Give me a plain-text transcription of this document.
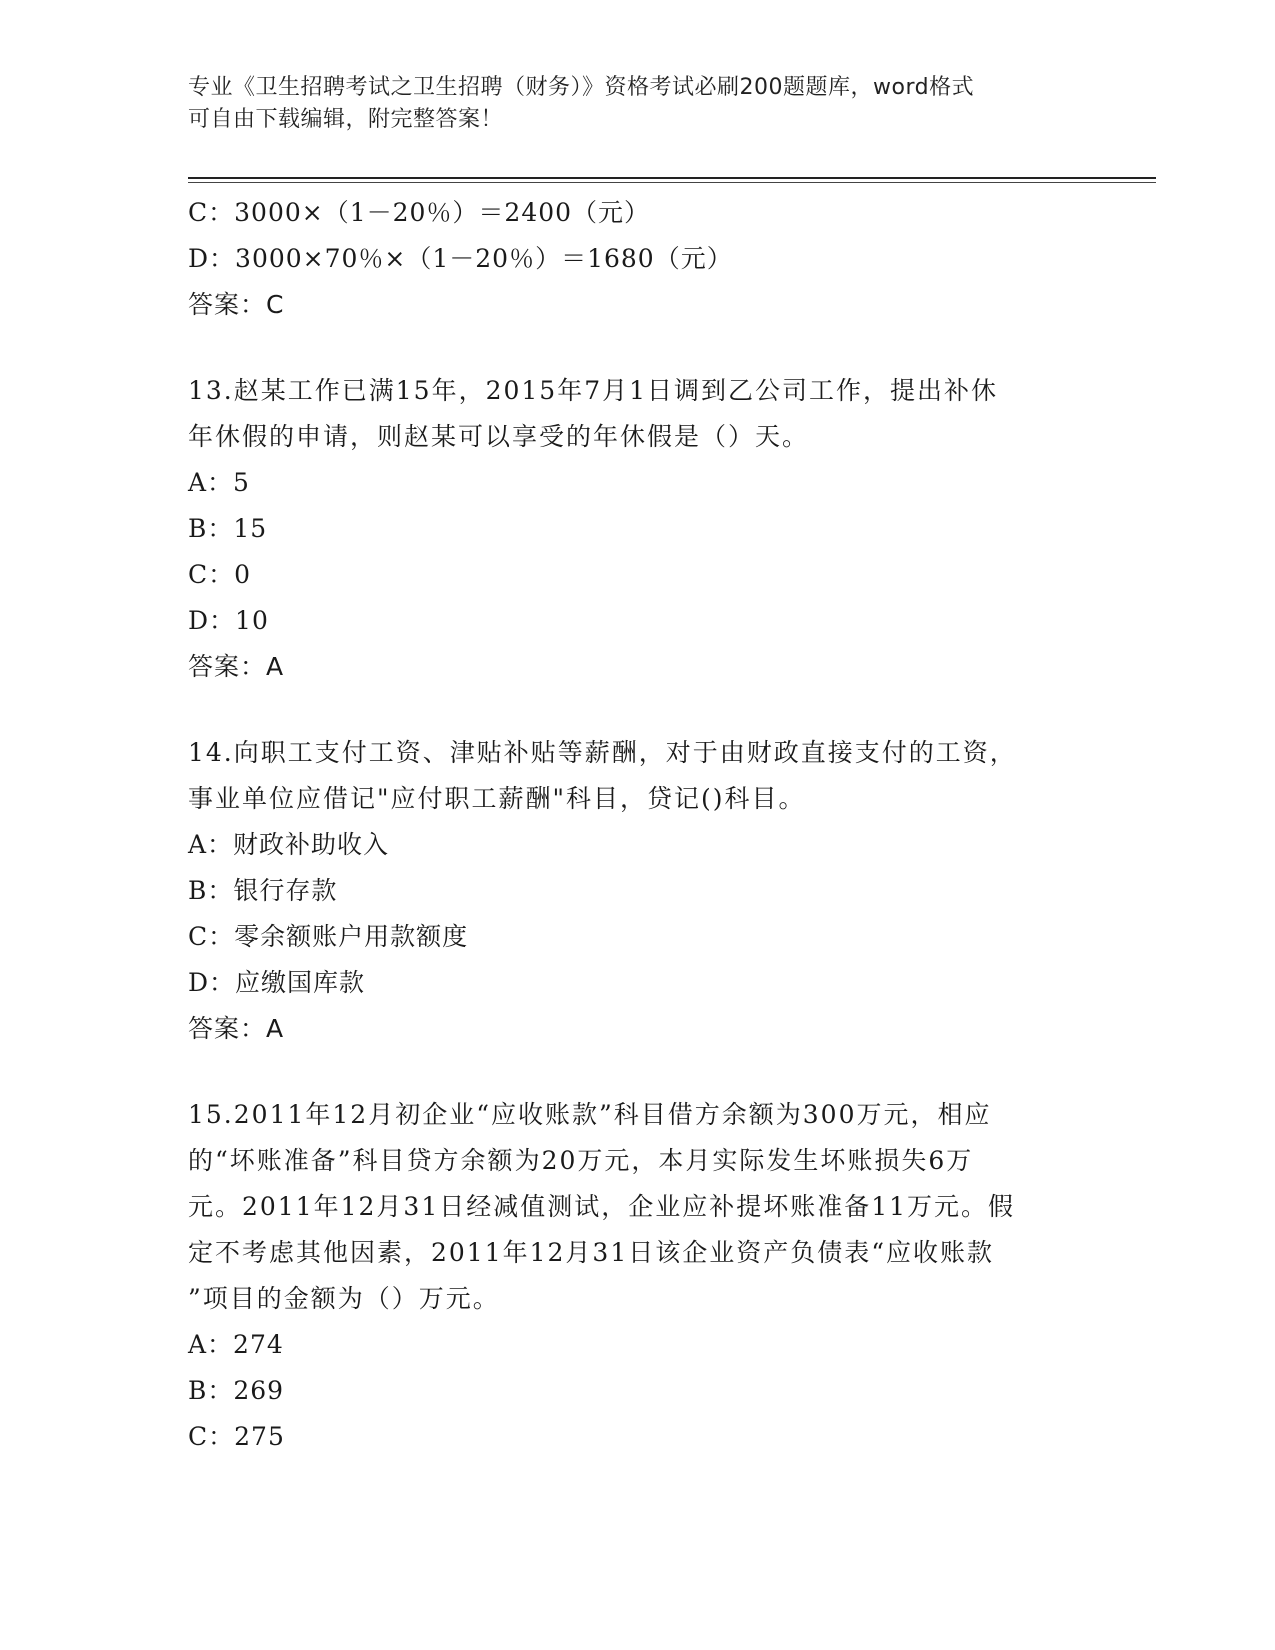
专业《卫生招聘考试之卫生招聘（财务）》资格考试必刷200题题库，word格式
可自由下载编辑，附完整答案！
C：3000×（1－20％）＝2400（元）
D：3000×70％×（1－20％）＝1680（元）
答案：C
13.赵某工作已满15年，2015年7月1日调到乙公司工作，提出补休
年休假的申请，则赵某可以享受的年休假是（）天。
A：5
B：15
C：0
D：10
答案：A
14.向职工支付工资、津贴补贴等薪酬，对于由财政直接支付的工资，
事业单位应借记"应付职工薪酬"科目，贷记()科目。
A：财政补助收入
B：银行存款
C：零余额账户用款额度
D：应缴国库款
答案：A
15.2011年12月初企业“应收账款”科目借方余额为300万元，相应
的“坏账准备”科目贷方余额为20万元，本月实际发生坏账损失6万
元。2011年12月31日经减值测试，企业应补提坏账准备11万元。假
定不考虑其他因素，2011年12月31日该企业资产负债表“应收账款
”项目的金额为（）万元。
A：274
B：269
C：275
